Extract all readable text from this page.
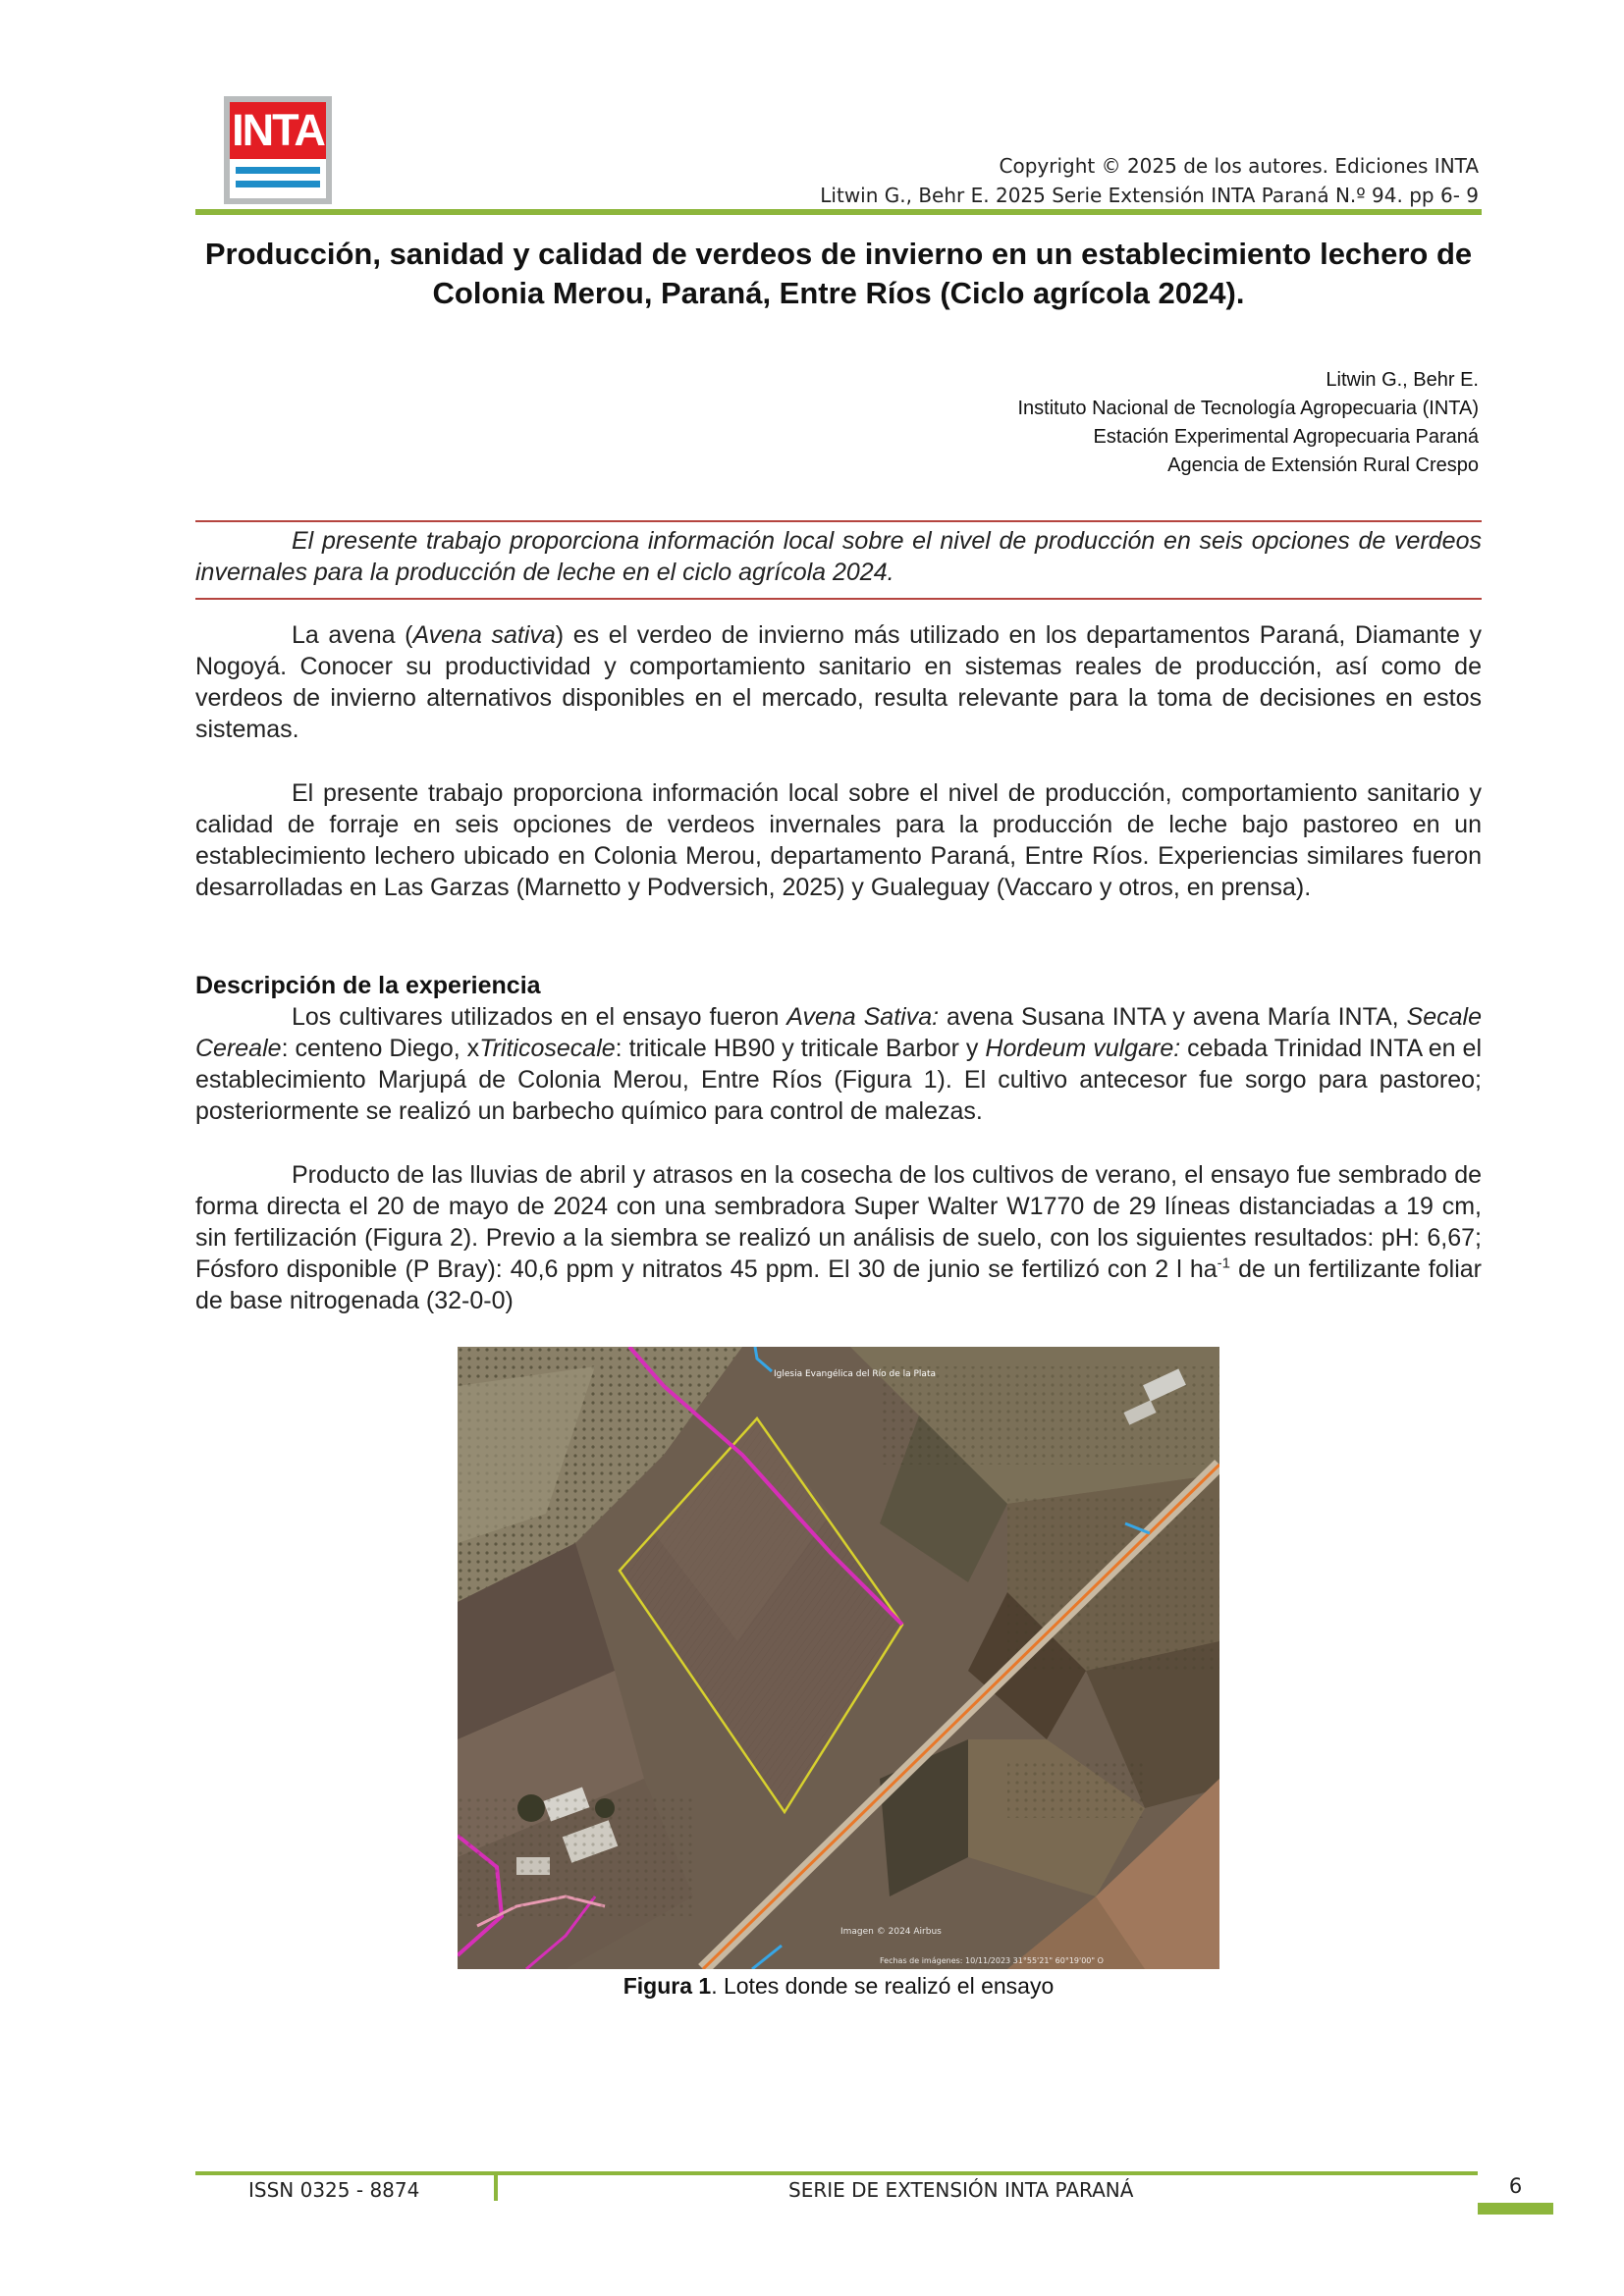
INTA
Copyright © 2025 de los autores. Ediciones INTA
Litwin G., Behr E. 2025 Serie Extensión INTA Paraná N.º 94. pp 6- 9
Producción, sanidad y calidad de verdeos de invierno en un establecimiento lechero de Colonia Merou, Paraná, Entre Ríos (Ciclo agrícola 2024).
Litwin G., Behr E.
Instituto Nacional de Tecnología Agropecuaria (INTA)
Estación Experimental Agropecuaria Paraná
Agencia de Extensión Rural Crespo
El presente trabajo proporciona información local sobre el nivel de producción en seis opciones de verdeos invernales para la producción de leche en el ciclo agrícola 2024.
La avena (Avena sativa) es el verdeo de invierno más utilizado en los departamentos Paraná, Diamante y Nogoyá. Conocer su productividad y comportamiento sanitario en sistemas reales de producción, así como de verdeos de invierno alternativos disponibles en el mercado, resulta relevante para la toma de decisiones en estos sistemas.
El presente trabajo proporciona información local sobre el nivel de producción, comportamiento sanitario y calidad de forraje en seis opciones de verdeos invernales para la producción de leche bajo pastoreo en un establecimiento lechero ubicado en Colonia Merou, departamento Paraná, Entre Ríos. Experiencias similares fueron desarrolladas en Las Garzas (Marnetto y Podversich, 2025) y Gualeguay (Vaccaro y otros, en prensa).
Descripción de la experiencia
Los cultivares utilizados en el ensayo fueron Avena Sativa: avena Susana INTA y avena María INTA, Secale Cereale: centeno Diego, xTriticosecale: triticale HB90 y triticale Barbor y Hordeum vulgare: cebada Trinidad INTA en el establecimiento Marjupá de Colonia Merou, Entre Ríos (Figura 1). El cultivo antecesor fue sorgo para pastoreo; posteriormente se realizó un barbecho químico para control de malezas.
Producto de las lluvias de abril y atrasos en la cosecha de los cultivos de verano, el ensayo fue sembrado de forma directa el 20 de mayo de 2024 con una sembradora Super Walter W1770 de 29 líneas distanciadas a 19 cm, sin fertilización (Figura 2). Previo a la siembra se realizó un análisis de suelo, con los siguientes resultados: pH: 6,67; Fósforo disponible (P Bray): 40,6 ppm y nitratos 45 ppm. El 30 de junio se fertilizó con 2 l $ha^{-1}$ de un fertilizante foliar de base nitrogenada (32-0-0)
Iglesia Evangélica del Río de la Plata
Imagen © 2024 Airbus
Fechas de imágenes: 10/11/2023 31°55'21" 60°19'00" O
Figura 1. Lotes donde se realizó el ensayo
ISSN 0325 - 8874	SERIE DE EXTENSIÓN INTA PARANÁ	6
